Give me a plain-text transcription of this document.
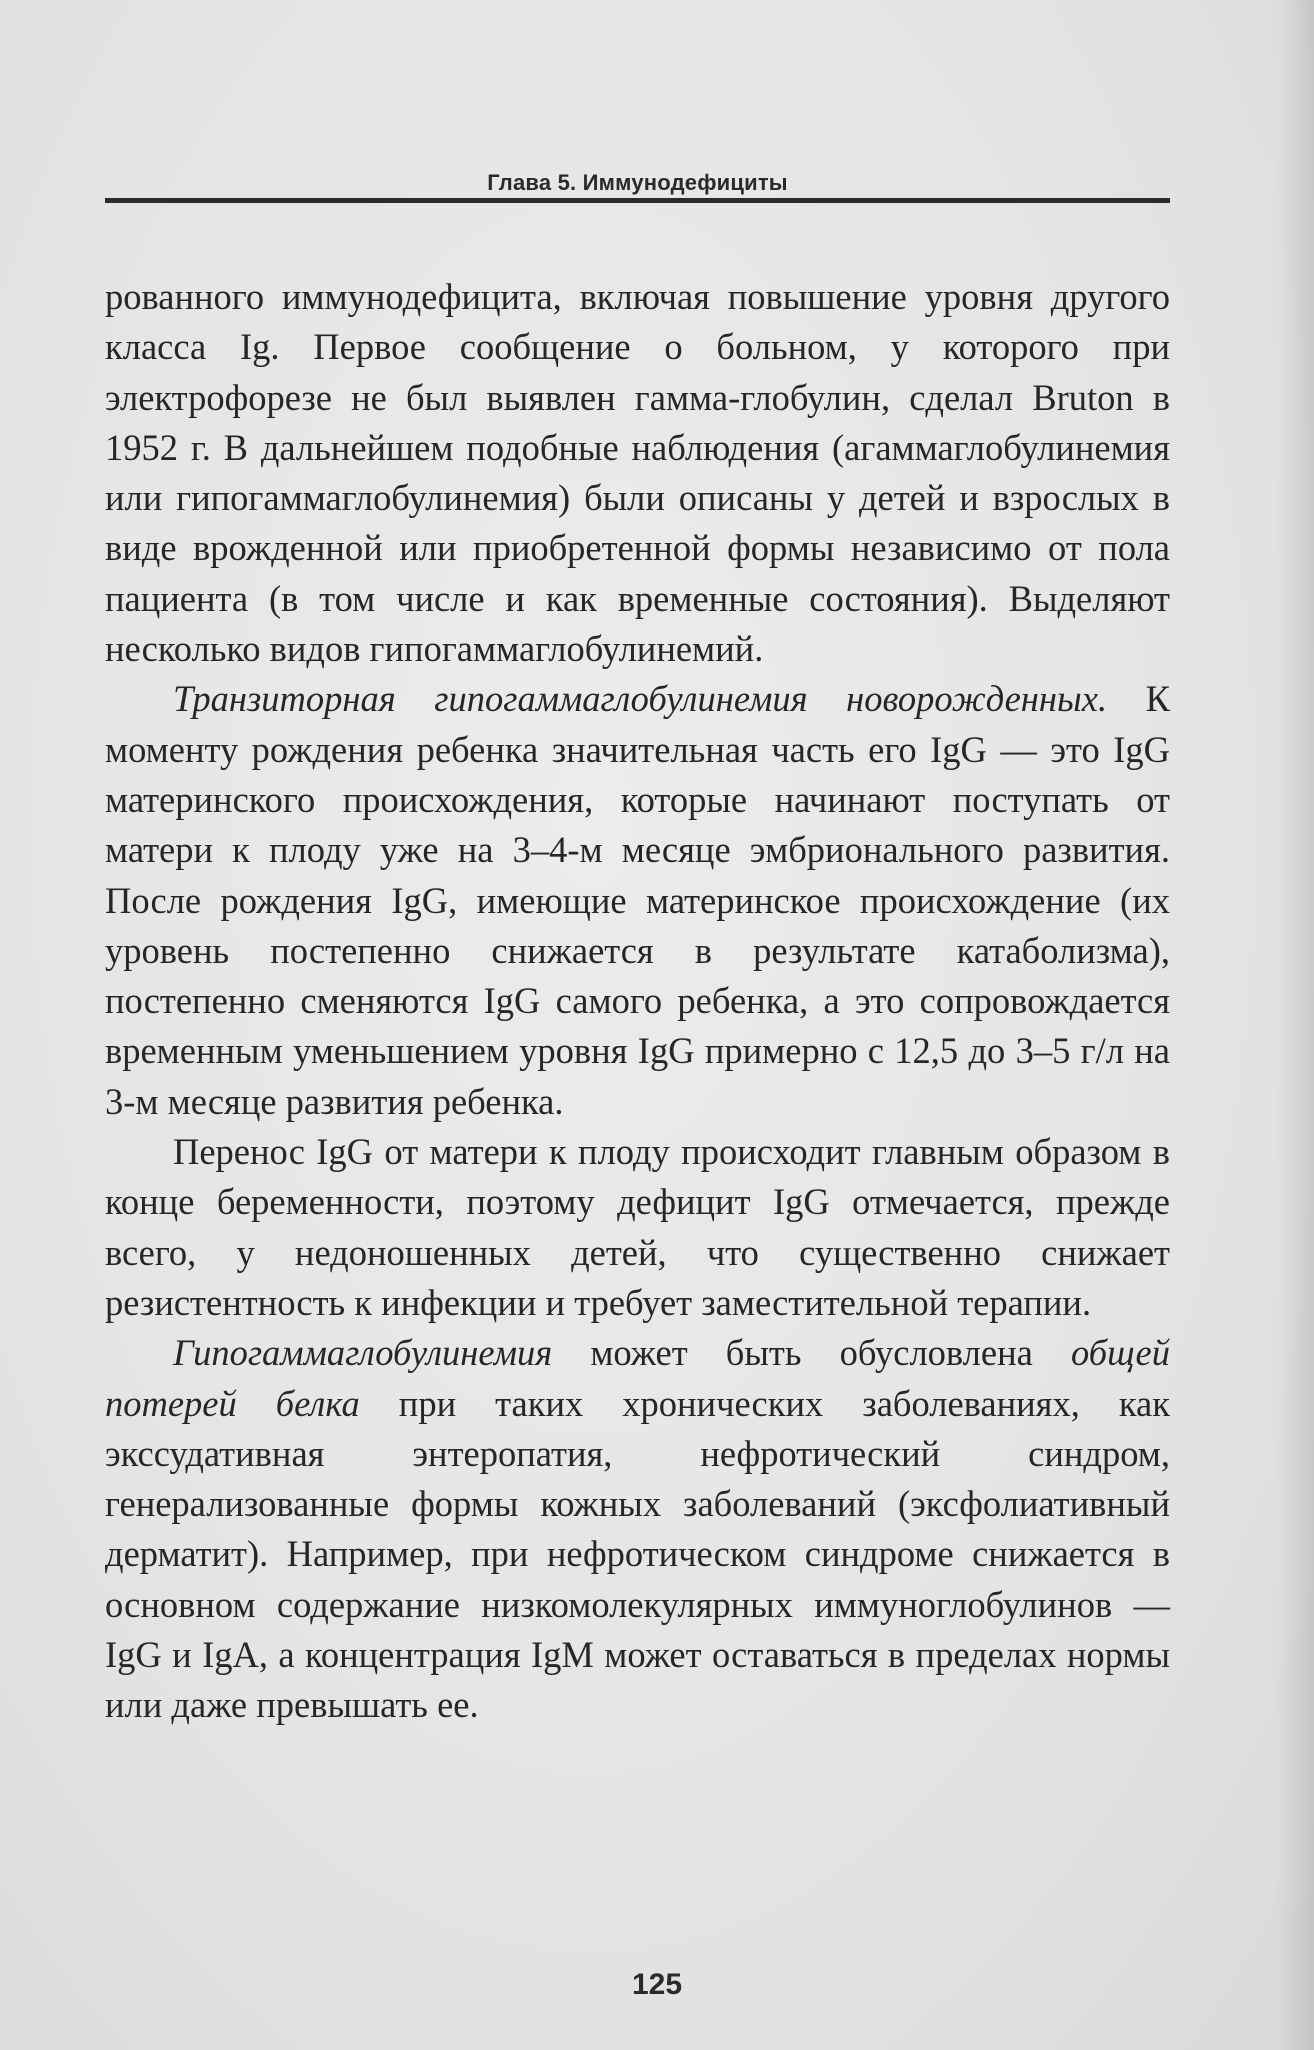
Глава 5. Иммунодефициты

рованного иммунодефицита, включая повышение уровня другого класса Ig. Первое сообщение о больном, у которого при электрофорезе не был выявлен гамма-глобулин, сделал Bruton в 1952 г. В дальнейшем подобные наблюдения (агаммаглобулинемия или гипогаммаглобулинемия) были описаны у детей и взрослых в виде врожденной или приобретенной формы независимо от пола пациента (в том числе и как временные состояния). Выделяют несколько видов гипогаммаглобулинемий.

Транзиторная гипогаммаглобулинемия новорожденных. К моменту рождения ребенка значительная часть его IgG — это IgG материнского происхождения, которые начинают поступать от матери к плоду уже на 3–4-м месяце эмбрионального развития. После рождения IgG, имеющие материнское происхождение (их уровень постепенно снижается в результате катаболизма), постепенно сменяются IgG самого ребенка, а это сопровождается временным уменьшением уровня IgG примерно с 12,5 до 3–5 г/л на 3-м месяце развития ребенка.

Перенос IgG от матери к плоду происходит главным образом в конце беременности, поэтому дефицит IgG отмечается, прежде всего, у недоношенных детей, что существенно снижает резистентность к инфекции и требует заместительной терапии.

Гипогаммаглобулинемия может быть обусловлена общей потерей белка при таких хронических заболеваниях, как экссудативная энтеропатия, нефротический синдром, генерализованные формы кожных заболеваний (эксфолиативный дерматит). Например, при нефротическом синдроме снижается в основном содержание низкомолекулярных иммуноглобулинов — IgG и IgA, а концентрация IgM может оставаться в пределах нормы или даже превышать ее.

125
